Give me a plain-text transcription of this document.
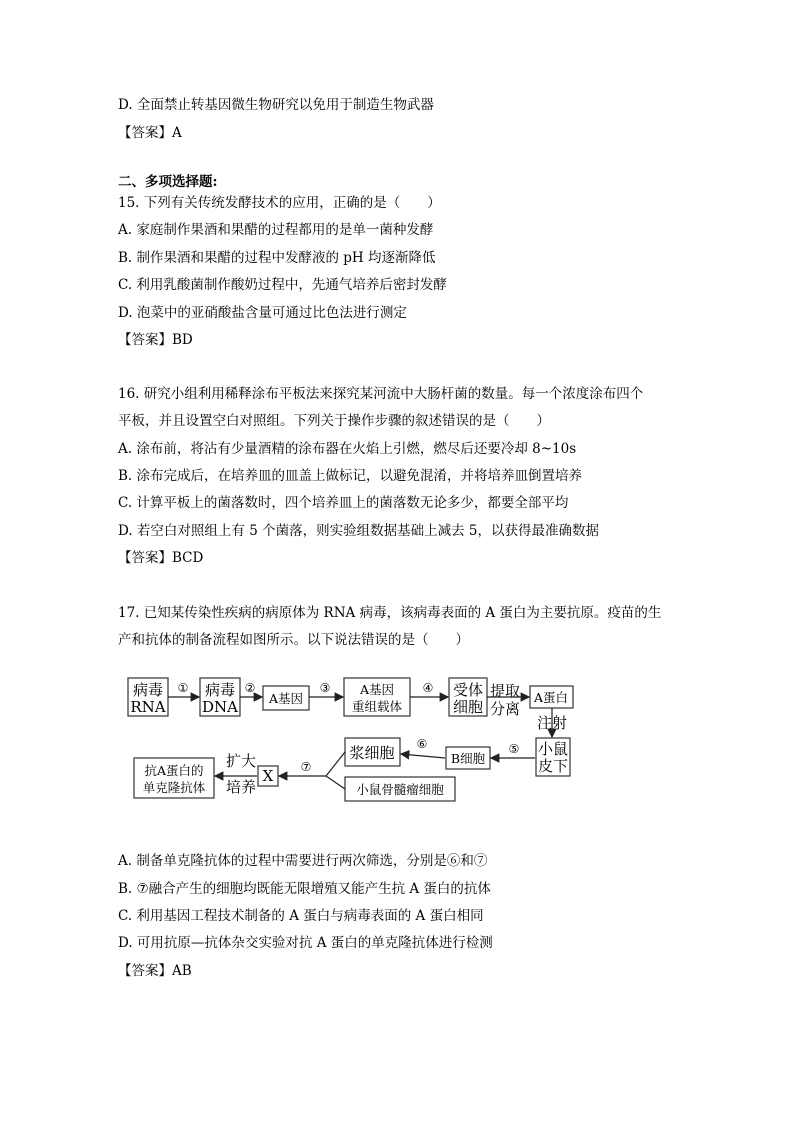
D. 全面禁止转基因微生物研究以免用于制造生物武器
【答案】A
二、多项选择题:
15. 下列有关传统发酵技术的应用，正确的是（　　）
A. 家庭制作果酒和果醋的过程都用的是单一菌种发酵
B. 制作果酒和果醋的过程中发酵液的 pH 均逐渐降低
C. 利用乳酸菌制作酸奶过程中，先通气培养后密封发酵
D. 泡菜中的亚硝酸盐含量可通过比色法进行测定
【答案】BD
16. 研究小组利用稀释涂布平板法来探究某河流中大肠杆菌的数量。每一个浓度涂布四个
平板，并且设置空白对照组。下列关于操作步骤的叙述错误的是（　　）
A. 涂布前，将沾有少量酒精的涂布器在火焰上引燃，燃尽后还要冷却 8~10s
B. 涂布完成后，在培养皿的皿盖上做标记，以避免混淆，并将培养皿倒置培养
C. 计算平板上的菌落数时，四个培养皿上的菌落数无论多少，都要全部平均
D. 若空白对照组上有 5 个菌落，则实验组数据基础上减去 5，以获得最准确数据
【答案】BCD
17. 已知某传染性疾病的病原体为 RNA 病毒，该病毒表面的 A 蛋白为主要抗原。疫苗的生
产和抗体的制备流程如图所示。以下说法错误的是（　　）
病毒
RNA
病毒
DNA A基因
A基因
重组载体
受体
细胞
提取
分离
A蛋白
注射
小鼠
皮下
B细胞
浆细胞
小鼠骨髓瘤细胞
X
扩大
培养
抗A蛋白的
单克隆抗体
①	②	③	④
⑤
⑥
⑦
A. 制备单克隆抗体的过程中需要进行两次筛选，分别是⑥和⑦
B. ⑦融合产生的细胞均既能无限增殖又能产生抗 A 蛋白的抗体
C. 利用基因工程技术制备的 A 蛋白与病毒表面的 A 蛋白相同
D. 可用抗原—抗体杂交实验对抗 A 蛋白的单克隆抗体进行检测
【答案】AB
